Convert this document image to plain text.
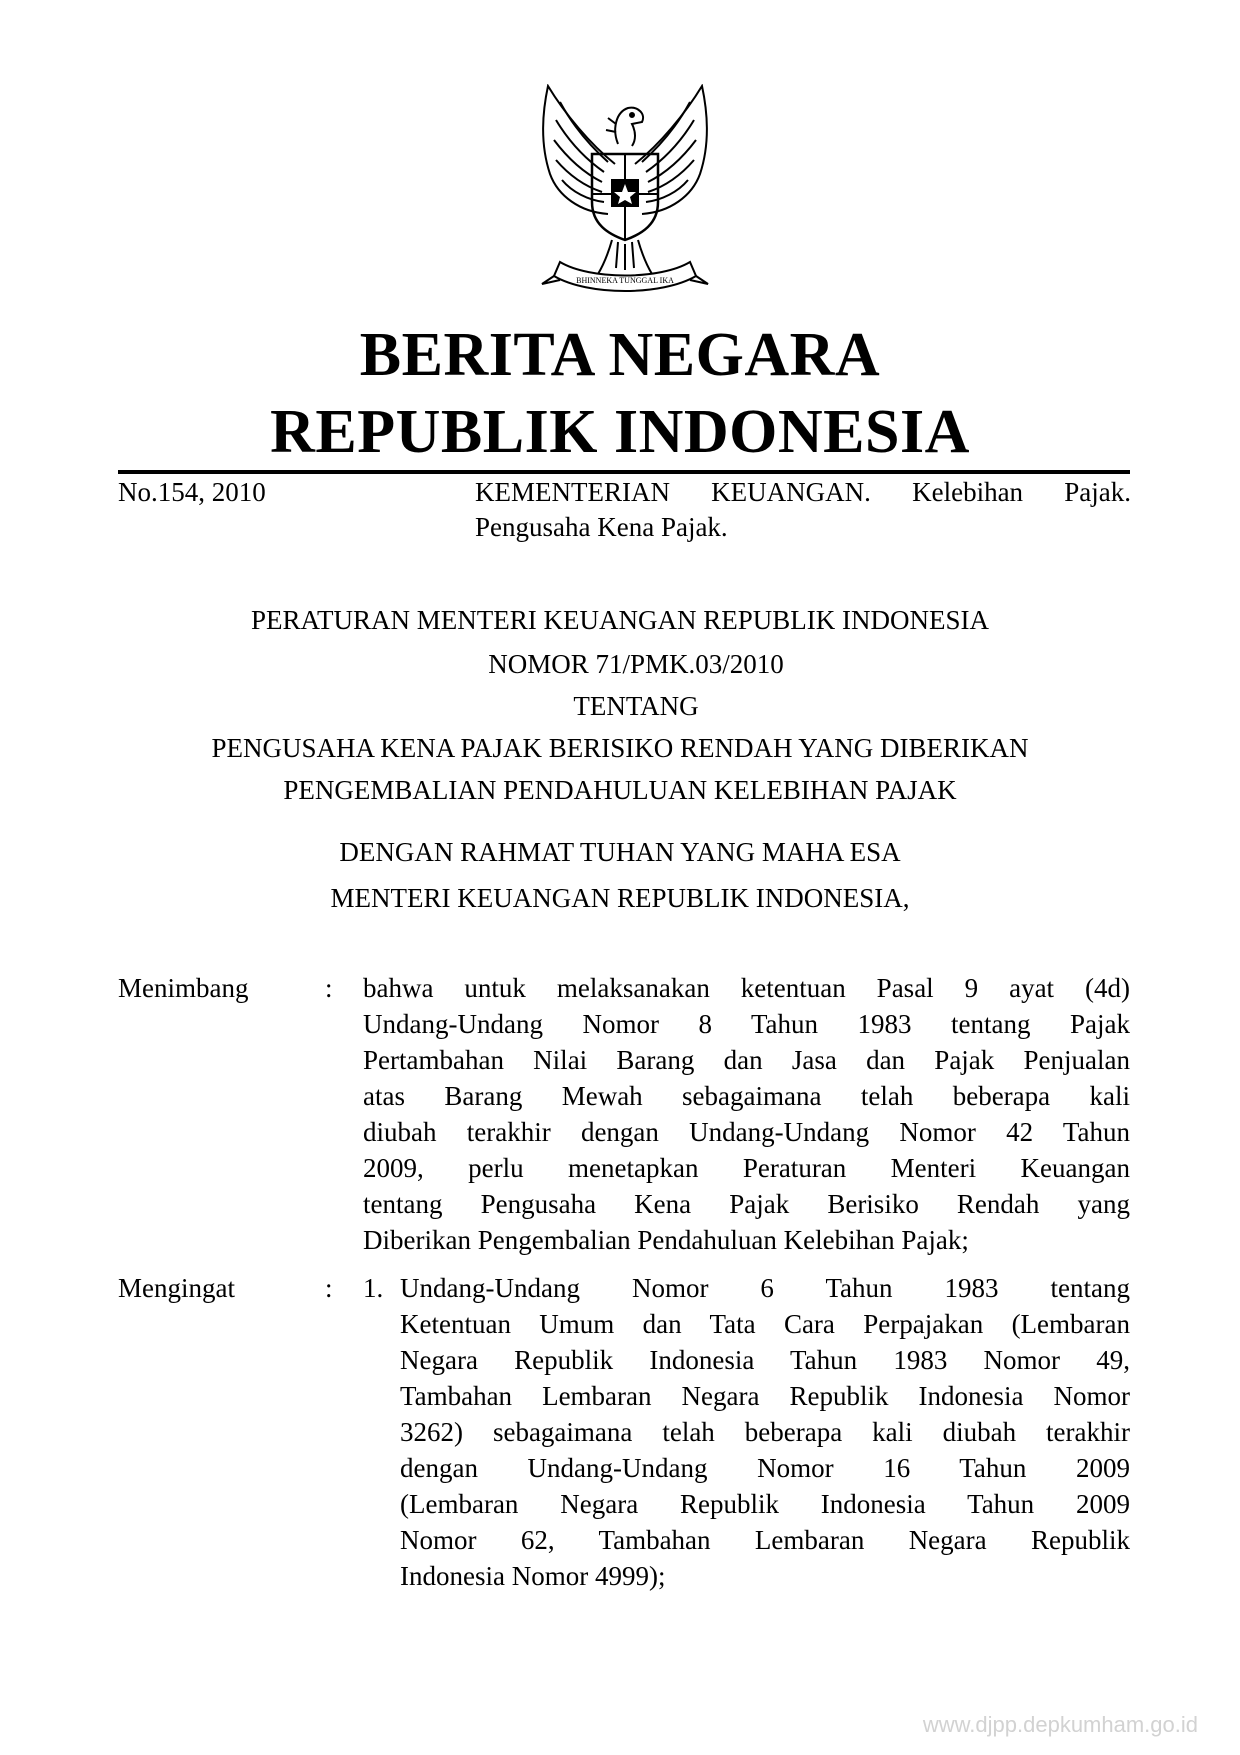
BHINNEKA TUNGGAL IKA
BERITA NEGARA
REPUBLIK INDONESIA
No.154, 2010	KEMENTERIAN KEUANGAN. Kelebihan Pajak.
Pengusaha Kena Pajak.
PERATURAN MENTERI KEUANGAN REPUBLIK INDONESIA
NOMOR 71/PMK.03/2010
TENTANG
PENGUSAHA KENA PAJAK BERISIKO RENDAH YANG DIBERIKAN
PENGEMBALIAN PENDAHULUAN KELEBIHAN PAJAK
DENGAN RAHMAT TUHAN YANG MAHA ESA
MENTERI KEUANGAN REPUBLIK INDONESIA,
Menimbang	: bahwa untuk melaksanakan ketentuan Pasal 9 ayat (4d)
Undang-Undang Nomor 8 Tahun 1983 tentang Pajak
Pertambahan Nilai Barang dan Jasa dan Pajak Penjualan
atas Barang Mewah sebagaimana telah beberapa kali
diubah terakhir dengan Undang-Undang Nomor 42 Tahun
2009, perlu menetapkan Peraturan Menteri Keuangan
tentang Pengusaha Kena Pajak Berisiko Rendah yang
Diberikan Pengembalian Pendahuluan Kelebihan Pajak;
Mengingat	: 1. Undang-Undang Nomor 6 Tahun 1983 tentang
Ketentuan Umum dan Tata Cara Perpajakan (Lembaran
Negara Republik Indonesia Tahun 1983 Nomor 49,
Tambahan Lembaran Negara Republik Indonesia Nomor
3262) sebagaimana telah beberapa kali diubah terakhir
dengan Undang-Undang Nomor 16 Tahun 2009
(Lembaran Negara Republik Indonesia Tahun 2009
Nomor 62, Tambahan Lembaran Negara Republik
Indonesia Nomor 4999);
www.djpp.depkumham.go.id
